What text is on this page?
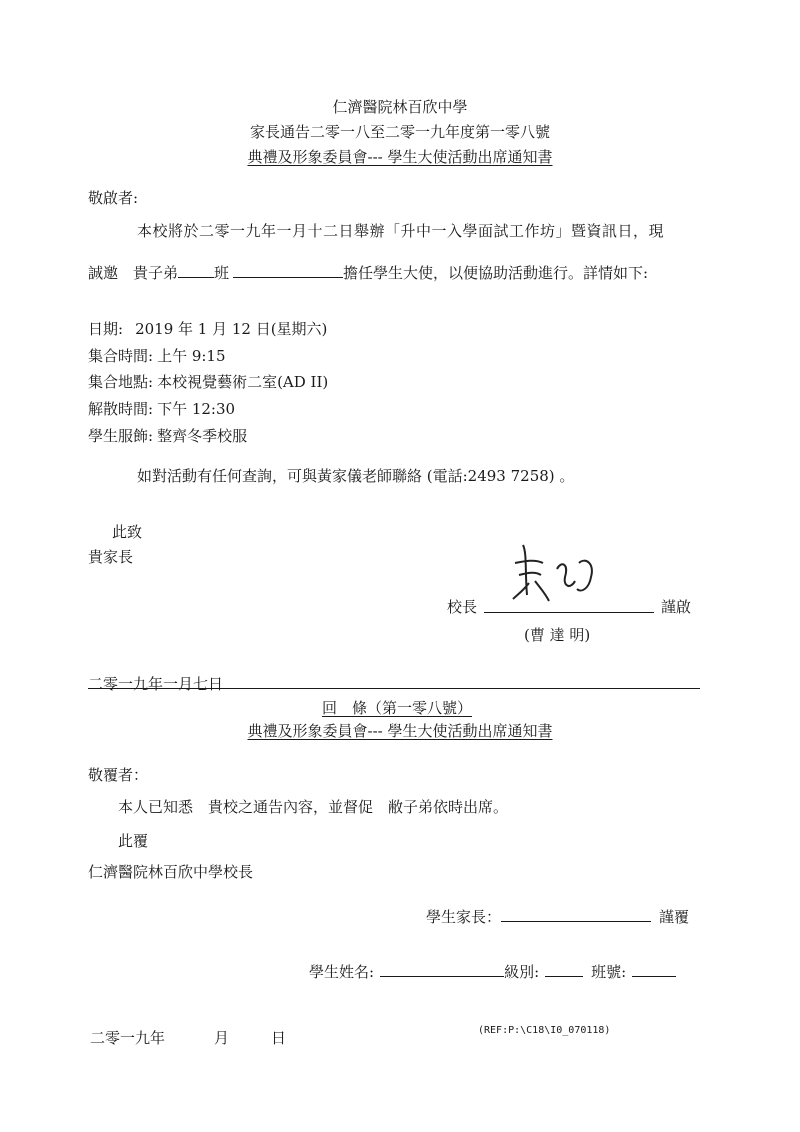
仁濟醫院林百欣中學
家長通告二零一八至二零一九年度第一零八號
典禮及形象委員會--- 學生大使活動出席通知書
敬啟者:
本校將於二零一九年一月十二日舉辦「升中一入學面試工作坊」暨資訊日，現
誠邀　貴子弟 班	擔任學生大使，以便協助活動進行。詳情如下:
日期: 2019 年 1 月 12 日(星期六)
集合時間: 上午 9:15
集合地點: 本校視覺藝術二室(AD II)
解散時間: 下午 12:30
學生服飾: 整齊冬季校服
如對活動有任何查詢，可與黃家儀老師聯絡 (電話:2493 7258) 。
此致
貴家長
校長	謹啟
(曹 達 明)
二零一九年一月七日
回　條（第一零八號）
典禮及形象委員會--- 學生大使活動出席通知書
敬覆者：
本人已知悉　貴校之通告內容，並督促　敝子弟依時出席。
此覆
仁濟醫院林百欣中學校長
學生家長：	謹覆
學生姓名:	級別:	班號:
二零一九年	月	日	(REF:P:\C18\I0_070118)
